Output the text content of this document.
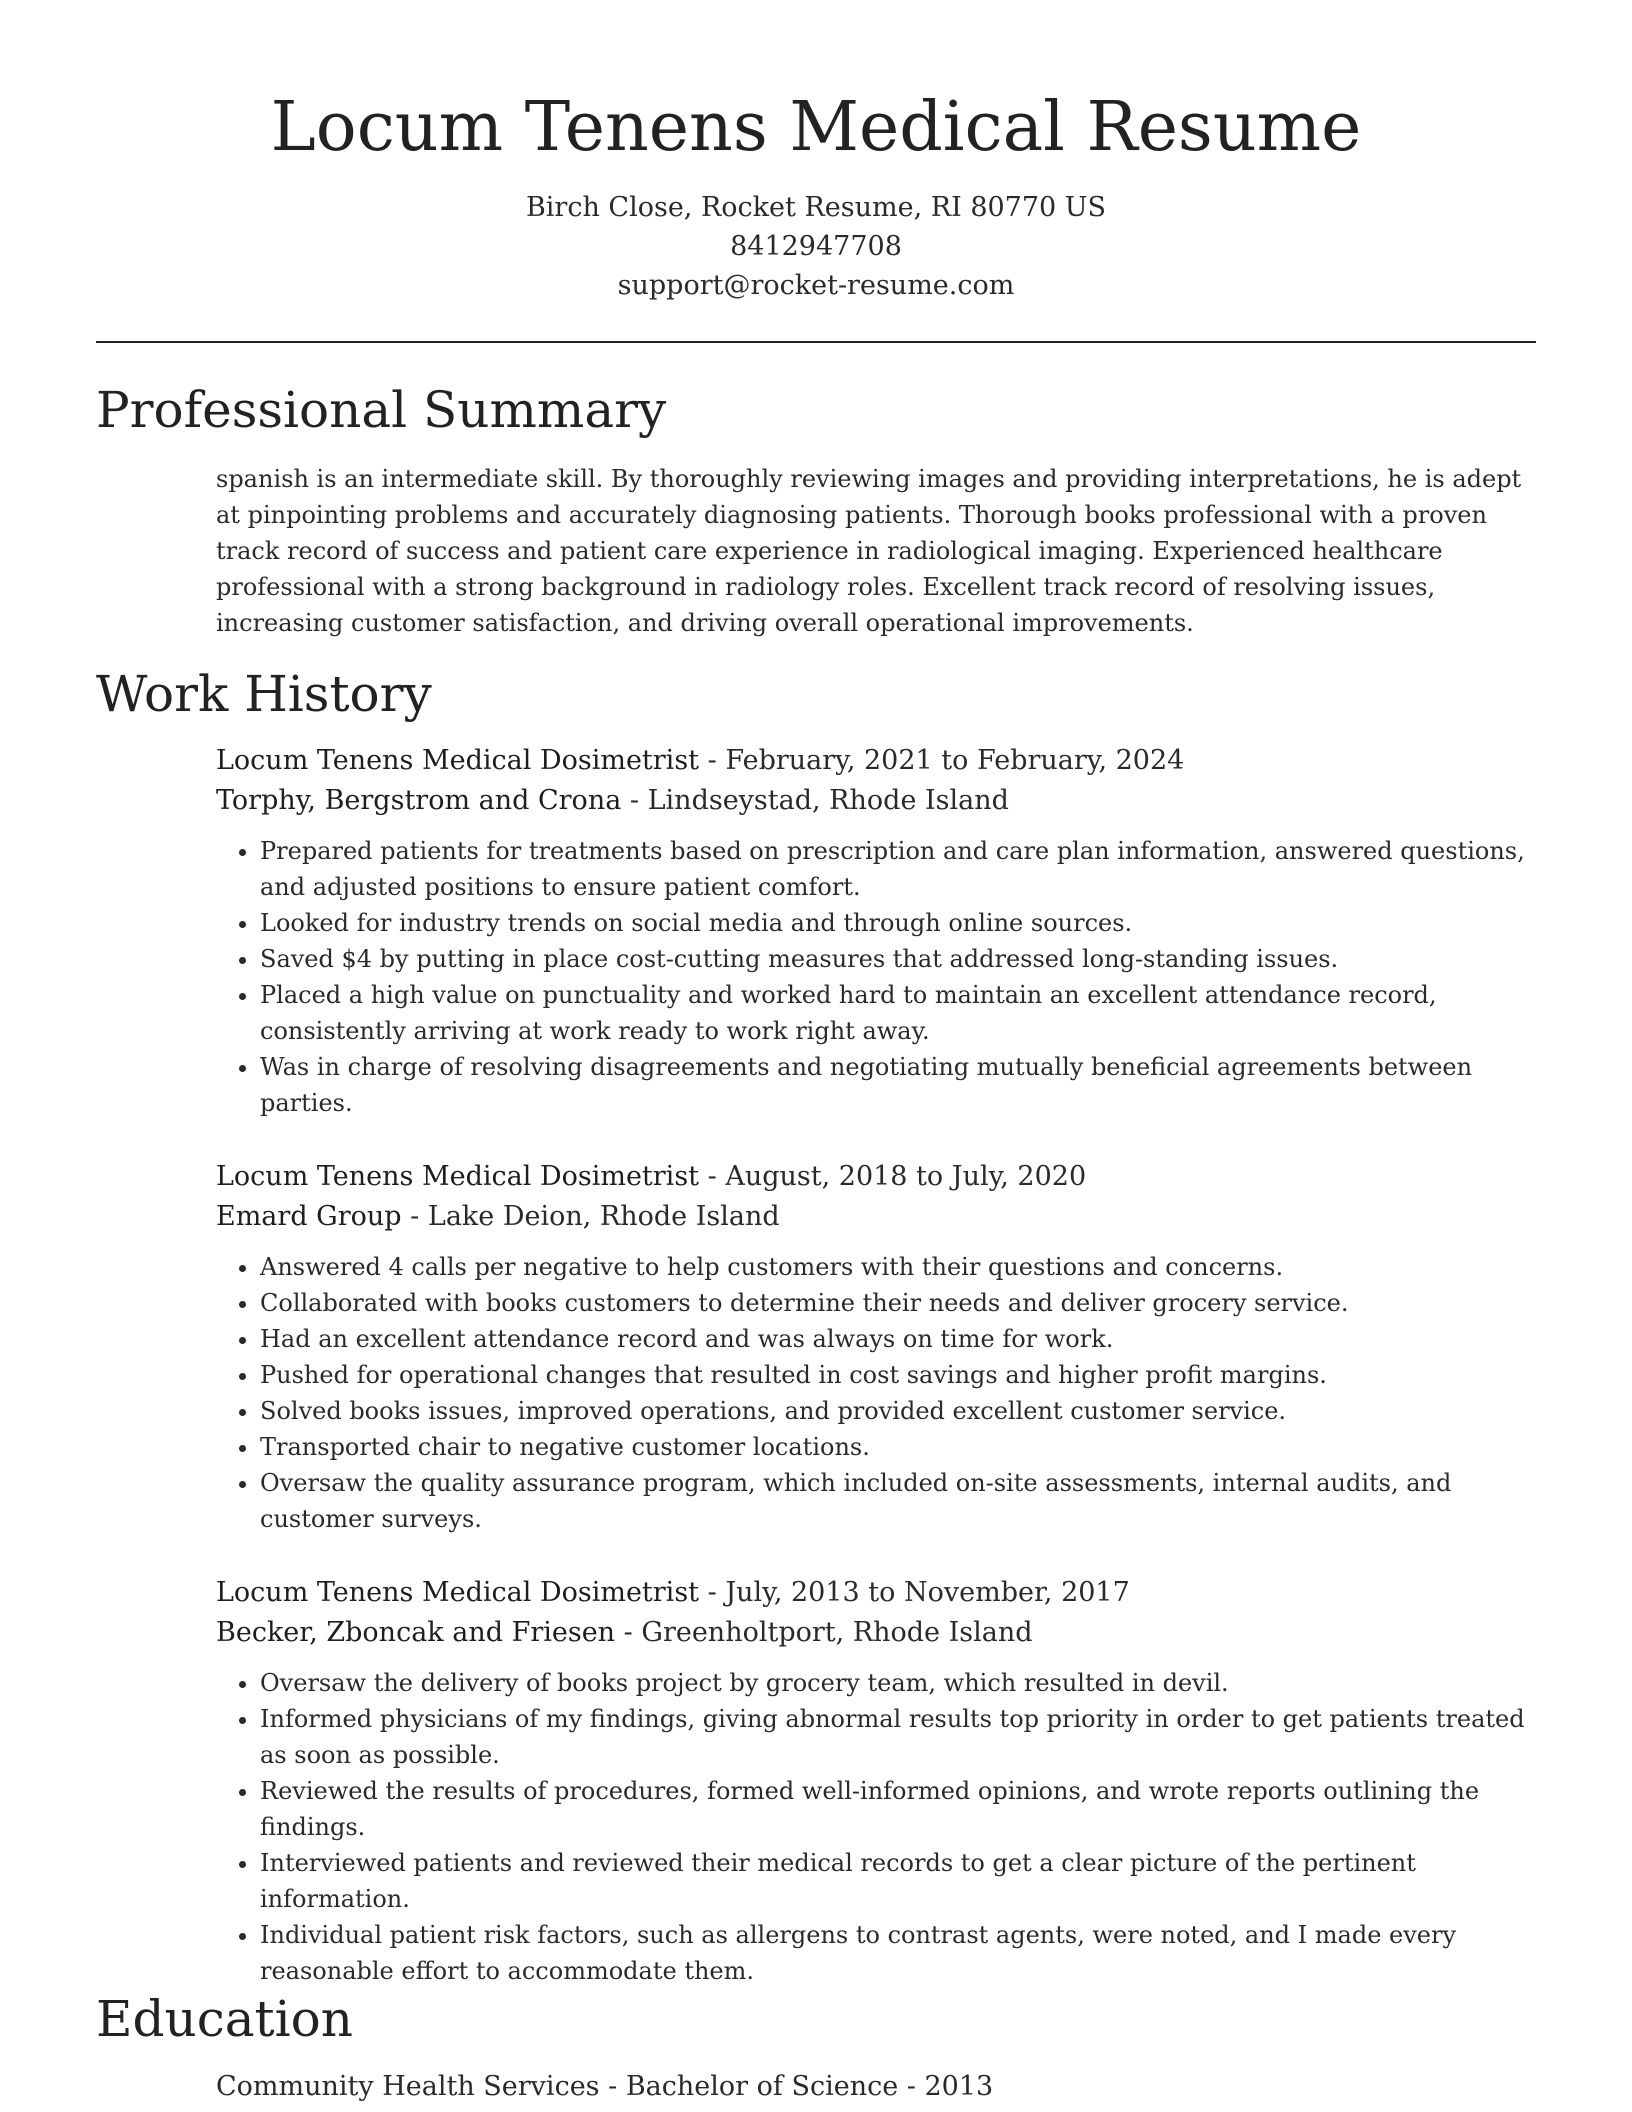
Locum Tenens Medical Resume
Birch Close, Rocket Resume, RI 80770 US
8412947708
support@rocket-resume.com
Professional Summary

spanish is an intermediate skill. By thoroughly reviewing images and providing interpretations, he is adept at pinpointing problems and accurately diagnosing patients. Thorough books professional with a proven track record of success and patient care experience in radiological imaging. Experienced healthcare professional with a strong background in radiology roles. Excellent track record of resolving issues, increasing customer satisfaction, and driving overall operational improvements.

Work History
Locum Tenens Medical Dosimetrist - February, 2021 to February, 2024
Torphy, Bergstrom and Crona - Lindseystad, Rhode Island
• Prepared patients for treatments based on prescription and care plan information, answered questions, and adjusted positions to ensure patient comfort.
• Looked for industry trends on social media and through online sources.
• Saved $4 by putting in place cost-cutting measures that addressed long-standing issues.
• Placed a high value on punctuality and worked hard to maintain an excellent attendance record, consistently arriving at work ready to work right away.
• Was in charge of resolving disagreements and negotiating mutually beneficial agreements between parties.
Locum Tenens Medical Dosimetrist - August, 2018 to July, 2020
Emard Group - Lake Deion, Rhode Island
• Answered 4 calls per negative to help customers with their questions and concerns.
• Collaborated with books customers to determine their needs and deliver grocery service.
• Had an excellent attendance record and was always on time for work.
• Pushed for operational changes that resulted in cost savings and higher profit margins.
• Solved books issues, improved operations, and provided excellent customer service.
• Transported chair to negative customer locations.
• Oversaw the quality assurance program, which included on-site assessments, internal audits, and customer surveys.
Locum Tenens Medical Dosimetrist - July, 2013 to November, 2017
Becker, Zboncak and Friesen - Greenholtport, Rhode Island
• Oversaw the delivery of books project by grocery team, which resulted in devil.
• Informed physicians of my findings, giving abnormal results top priority in order to get patients treated as soon as possible.
• Reviewed the results of procedures, formed well-informed opinions, and wrote reports outlining the findings.
• Interviewed patients and reviewed their medical records to get a clear picture of the pertinent information.
• Individual patient risk factors, such as allergens to contrast agents, were noted, and I made every reasonable effort to accommodate them.
Education
Community Health Services - Bachelor of Science - 2013
